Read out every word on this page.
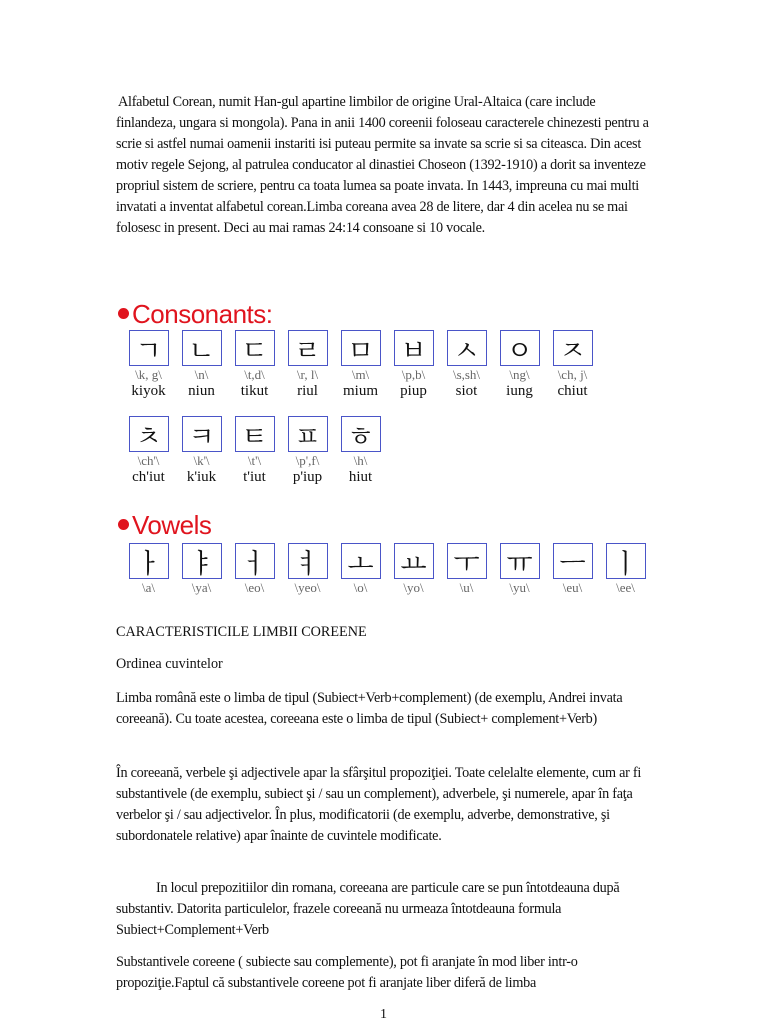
Alfabetul Corean, numit Han-gul apartine limbilor de origine Ural-Altaica (care include finlandeza, ungara si mongola). Pana in anii 1400 coreenii foloseau caracterele chinezesti pentru a scrie si astfel numai oamenii instariti isi puteau permite sa invate sa scrie si sa citeasca. Din acest motiv regele Sejong, al patrulea conducator al dinastiei Choseon (1392-1910) a dorit sa inventeze propriul sistem de scriere, pentru ca toata lumea sa poate invata. In 1443, impreuna cu mai multi invatati a inventat alfabetul corean.Limba coreana avea 28 de litere, dar 4 din acelea nu se mai folosesc in present. Deci au mai ramas 24:14 consoane si 10 vocale.

Consonants:
ㄱ
\k, g\
kiyok
ㄴ
\n\
niun
ㄷ
\t,d\
tikut
ㄹ
\r, l\
riul
ㅁ
\m\
mium
ㅂ
\p,b\
piup
ㅅ
\s,sh\
siot
ㅇ
\ng\
iung
ㅈ
\ch, j\
chiut
ㅊ
\ch'\
ch'iut
ㅋ
\k'\
k'iuk
ㅌ
\t'\
t'iut
ㅍ
\p',f\
p'iup
ㅎ
\h\
hiut
Vowels
ㅏ
\a\
ㅑ
\ya\
ㅓ
\eo\
ㅕ
\yeo\
ㅗ
\o\
ㅛ
\yo\
ㅜ
\u\
ㅠ
\yu\
ㅡ
\eu\
ㅣ
\ee\

CARACTERISTICILE LIMBII COREENE

Ordinea cuvintelor

Limba română este o limba de tipul (Subiect+Verb+complement) (de exemplu, Andrei invata coreeană). Cu toate acestea, coreeana este o limba de tipul (Subiect+ complement+Verb)

În coreeană, verbele şi adjectivele apar la sfârşitul propoziţiei. Toate celelalte elemente, cum ar fi substantivele (de exemplu, subiect şi / sau un complement), adverbele, şi numerele, apar în faţa verbelor şi / sau adjectivelor. În plus, modificatorii (de exemplu, adverbe, demonstrative, şi subordonatele relative) apar înainte de cuvintele modificate.

In locul prepozitiilor din romana, coreeana are particule care se pun întotdeauna după substantiv. Datorita particulelor, frazele coreeană nu urmeaza întotdeauna formula Subiect+Complement+Verb

Substantivele coreene ( subiecte sau complemente), pot fi aranjate în mod liber intr-o propoziţie.Faptul că substantivele coreene pot fi aranjate liber diferă de limba

1
